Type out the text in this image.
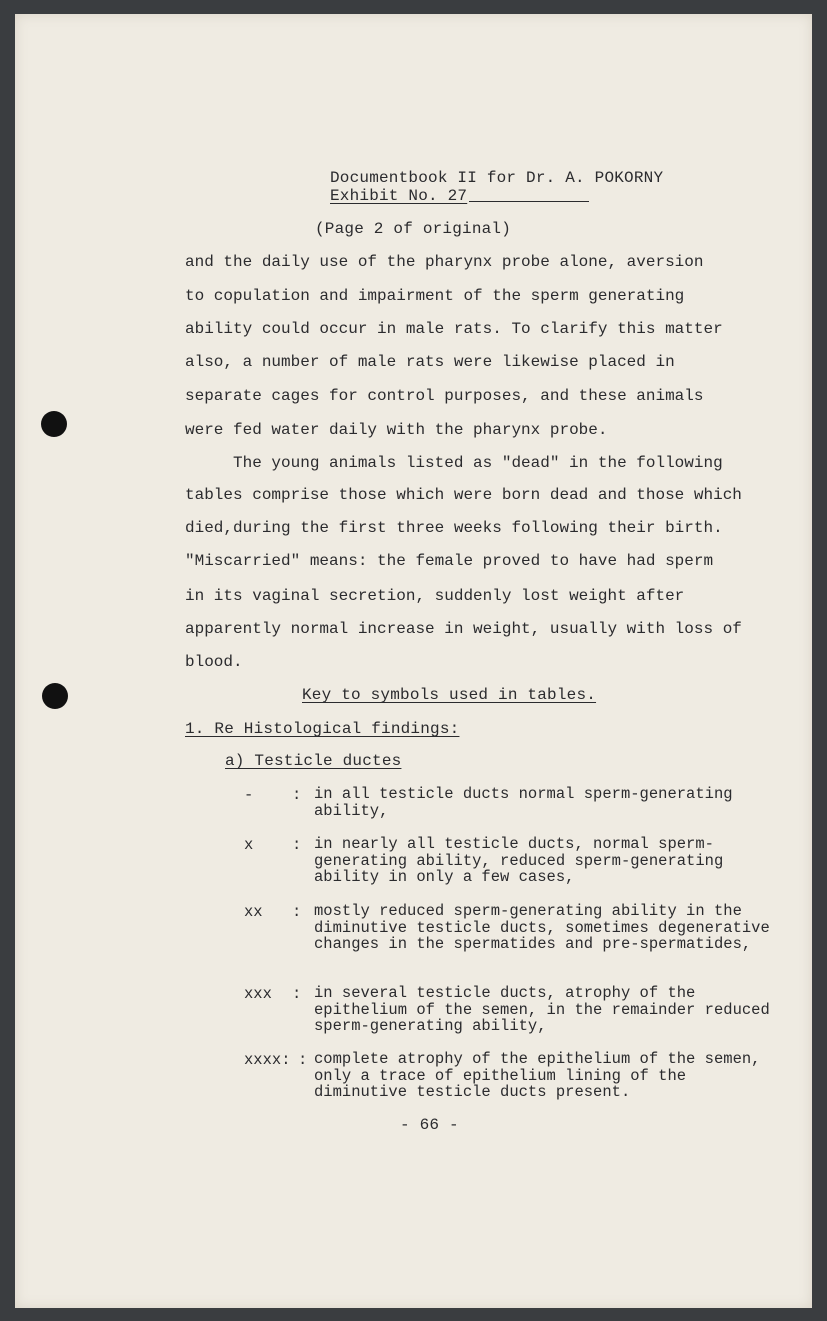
Documentbook II for Dr. A. POKORNY
Exhibit No. 27
(Page 2 of original)
and the daily use of the pharynx probe alone, aversion
to copulation and impairment of the sperm generating
ability could occur in male rats. To clarify this matter
also, a number of male rats were likewise placed in
separate cages for control purposes, and these animals
were fed water daily with the pharynx probe.
The young animals listed as "dead" in the following
tables comprise those which were born dead and those which
died,during the first three weeks following their birth.
"Miscarried" means: the female proved to have had sperm
in its vaginal secretion, suddenly lost weight after
apparently normal increase in weight, usually with loss of
blood.
Key to symbols used in tables.
1. Re Histological findings:
a) Testicle ductes
- : in all testicle ducts normal sperm-generating ability,
x : in nearly all testicle ducts, normal sperm-generating ability, reduced sperm-generating ability in only a few cases,
xx : mostly reduced sperm-generating ability in the diminutive testicle ducts, sometimes degenerative changes in the spermatides and pre-spermatides,
xxx : in several testicle ducts, atrophy of the epithelium of the semen, in the remainder reduced sperm-generating ability,
xxxx: : complete atrophy of the epithelium of the semen, only a trace of epithelium lining of the diminutive testicle ducts present.
- 66 -
